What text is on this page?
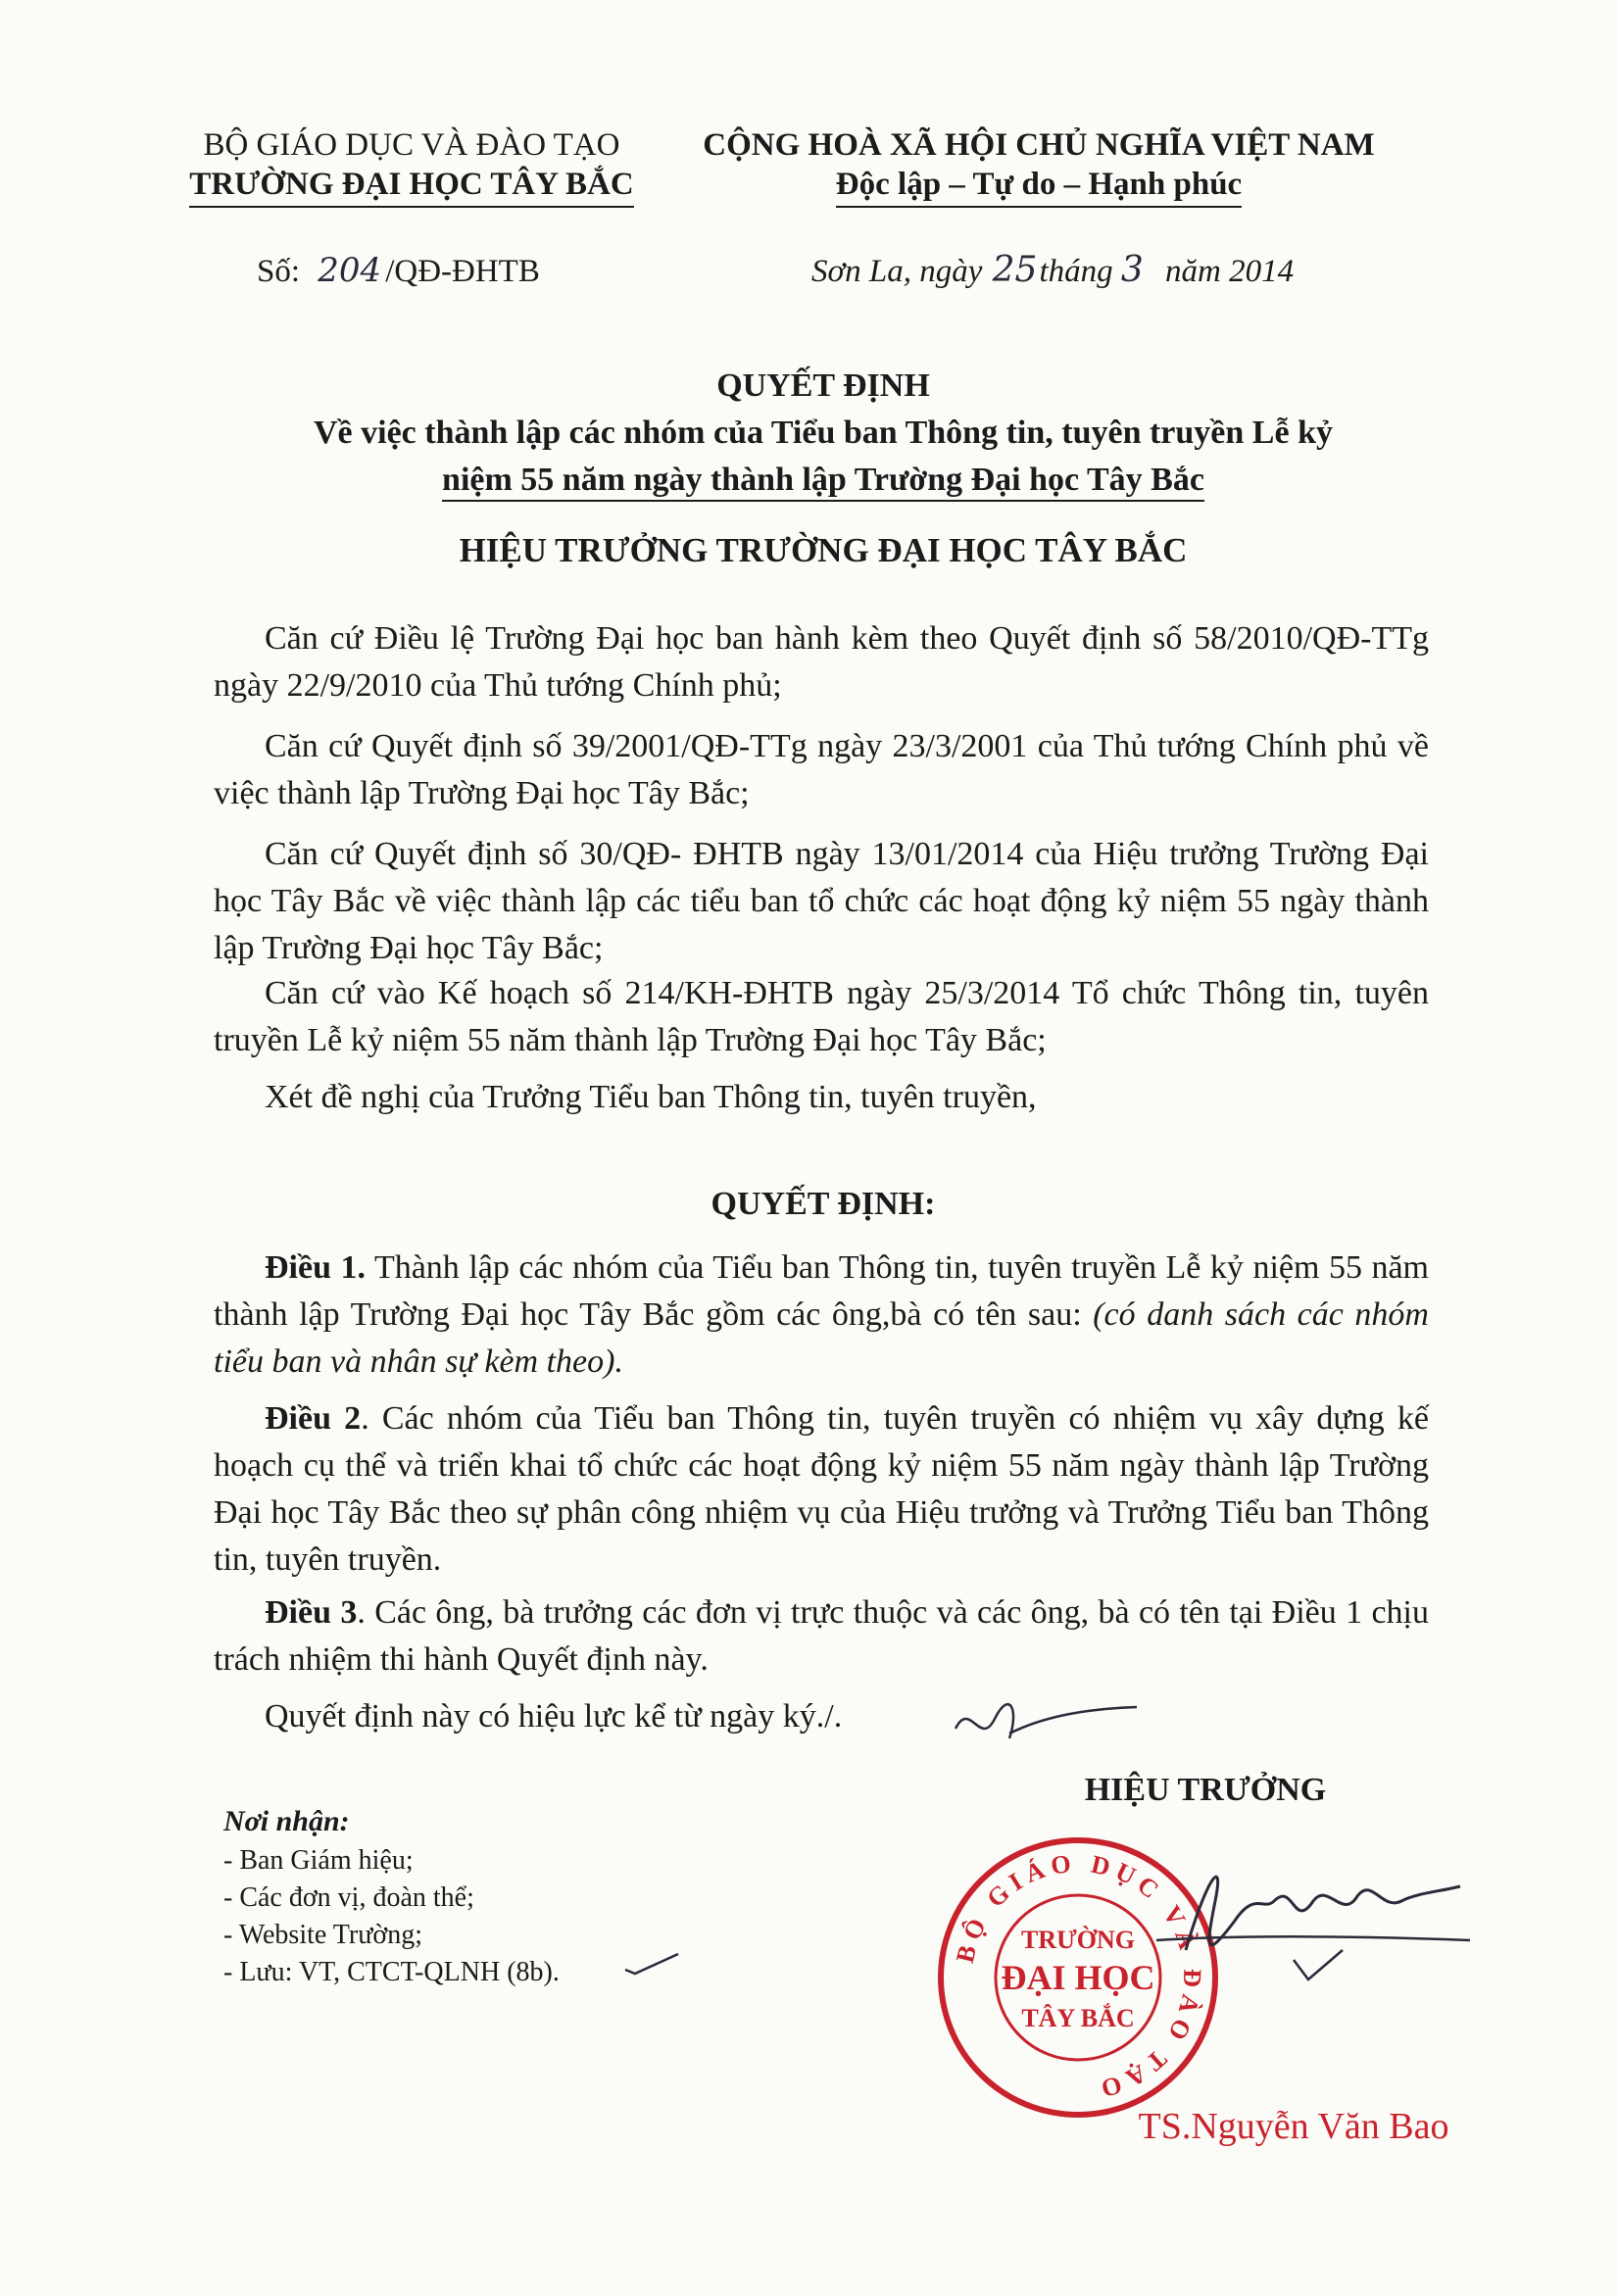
BỘ GIÁO DỤC VÀ ĐÀO TẠO
TRƯỜNG ĐẠI HỌC TÂY BẮC
Số: 204 /QĐ-ĐHTB
CỘNG HOÀ XÃ HỘI CHỦ NGHĨA VIỆT NAM
Độc lập – Tự do – Hạnh phúc
Sơn La, ngày 25tháng 3 năm 2014
QUYẾT ĐỊNH
Về việc thành lập các nhóm của Tiểu ban Thông tin, tuyên truyền Lễ kỷ
niệm 55 năm ngày thành lập Trường Đại học Tây Bắc
HIỆU TRƯỞNG TRƯỜNG ĐẠI HỌC TÂY BẮC
Căn cứ Điều lệ Trường Đại học ban hành kèm theo Quyết định số 58/2010/QĐ-TTg ngày 22/9/2010 của Thủ tướng Chính phủ;
Căn cứ Quyết định số 39/2001/QĐ-TTg ngày 23/3/2001 của Thủ tướng Chính phủ về việc thành lập Trường Đại học Tây Bắc;
Căn cứ Quyết định số 30/QĐ- ĐHTB ngày 13/01/2014 của Hiệu trưởng Trường Đại học Tây Bắc về việc thành lập các tiểu ban tổ chức các hoạt động kỷ niệm 55 ngày thành lập Trường Đại học Tây Bắc;
Căn cứ vào Kế hoạch số 214/KH-ĐHTB ngày 25/3/2014 Tổ chức Thông tin, tuyên truyền Lễ kỷ niệm 55 năm thành lập Trường Đại học Tây Bắc;
Xét đề nghị của Trưởng Tiểu ban Thông tin, tuyên truyền,
QUYẾT ĐỊNH:
Điều 1. Thành lập các nhóm của Tiểu ban Thông tin, tuyên truyền Lễ kỷ niệm 55 năm thành lập Trường Đại học Tây Bắc gồm các ông,bà có tên sau: (có danh sách các nhóm tiểu ban và nhân sự kèm theo).
Điều 2. Các nhóm của Tiểu ban Thông tin, tuyên truyền có nhiệm vụ xây dựng kế hoạch cụ thể và triển khai tổ chức các hoạt động kỷ niệm 55 năm ngày thành lập Trường Đại học Tây Bắc theo sự phân công nhiệm vụ của Hiệu trưởng và Trưởng Tiểu ban Thông tin, tuyên truyền.
Điều 3. Các ông, bà trưởng các đơn vị trực thuộc và các ông, bà có tên tại Điều 1 chịu trách nhiệm thi hành Quyết định này.
Quyết định này có hiệu lực kể từ ngày ký./.
Nơi nhận:
- Ban Giám hiệu;
- Các đơn vị, đoàn thể;
- Website Trường;
- Lưu: VT, CTCT-QLNH (8b).
HIỆU TRƯỞNG
BỘ GIÁO DỤC VÀ ĐÀO TẠO
TRƯỜNG
ĐẠI HỌC
TÂY BẮC
TS.Nguyễn Văn Bao
